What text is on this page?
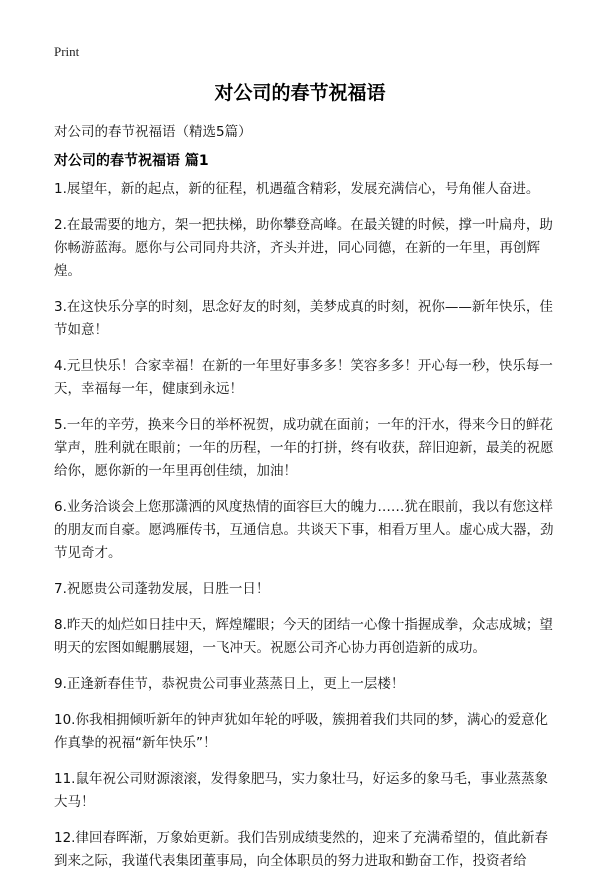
Print
对公司的春节祝福语

对公司的春节祝福语（精选5篇）

对公司的春节祝福语 篇1

1.展望年，新的起点，新的征程，机遇蕴含精彩，发展充满信心，号角催人奋进。

2.在最需要的地方，架一把扶梯，助你攀登高峰。在最关键的时候，撑一叶扁舟，助你畅游蓝海。愿你与公司同舟共济，齐头并进，同心同德，在新的一年里，再创辉煌。

3.在这快乐分享的时刻，思念好友的时刻，美梦成真的时刻，祝你——新年快乐，佳节如意！

4.元旦快乐！合家幸福！在新的一年里好事多多！笑容多多！开心每一秒，快乐每一天，幸福每一年，健康到永远！

5.一年的辛劳，换来今日的举杯祝贺，成功就在面前；一年的汗水，得来今日的鲜花掌声，胜利就在眼前；一年的历程，一年的打拼，终有收获，辞旧迎新，最美的祝愿给你，愿你新的一年里再创佳绩，加油！

6.业务洽谈会上您那潇洒的风度热情的面容巨大的魄力……犹在眼前，我以有您这样的朋友而自豪。愿鸿雁传书，互通信息。共谈天下事，相看万里人。虚心成大器，劲节见奇才。

7.祝愿贵公司蓬勃发展，日胜一日！

8.昨天的灿烂如日挂中天，辉煌耀眼；今天的团结一心像十指握成拳，众志成城；望明天的宏图如鲲鹏展翅，一飞冲天。祝愿公司齐心协力再创造新的成功。

9.正逢新春佳节，恭祝贵公司事业蒸蒸日上，更上一层楼！

10.你我相拥倾听新年的钟声犹如年轮的呼吸，簇拥着我们共同的梦，满心的爱意化作真挚的祝福“新年快乐”！

11.鼠年祝公司财源滚滚，发得象肥马，实力象壮马，好运多的象马毛，事业蒸蒸象大马！

12.律回春晖渐，万象始更新。我们告别成绩斐然的，迎来了充满希望的，值此新春到来之际，我谨代表集团董事局，向全体职员的努力进取和勤奋工作，投资者给
